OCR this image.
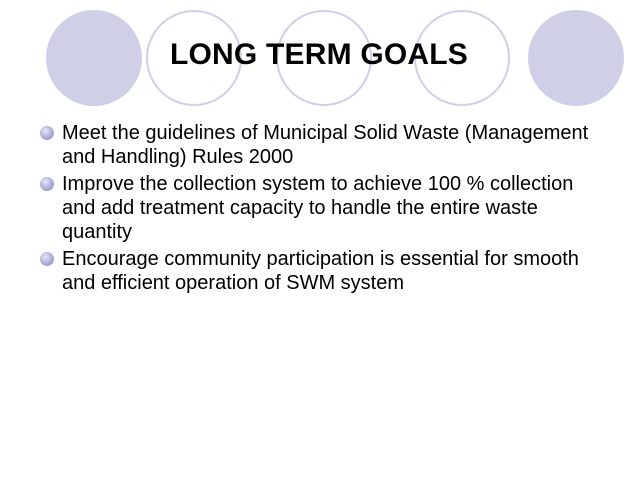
LONG TERM GOALS
Meet the guidelines of Municipal Solid Waste (Management and Handling) Rules 2000
Improve the collection system to achieve 100 % collection and add treatment capacity to handle the entire waste quantity
Encourage community participation is essential for smooth and efficient operation of SWM system
